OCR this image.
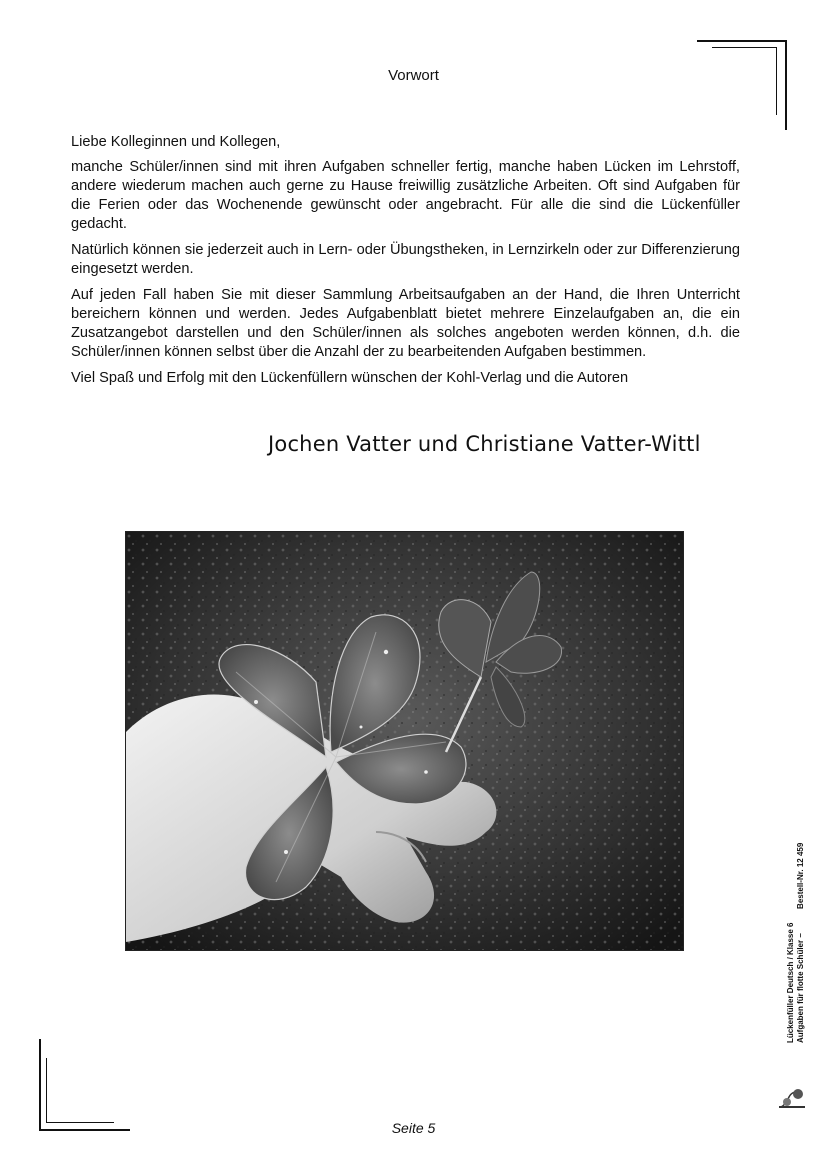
Vorwort

Liebe Kolleginnen und Kollegen,

manche Schüler/innen sind mit ihren Aufgaben schneller fertig, manche haben Lücken im Lehrstoff, andere wiederum machen auch gerne zu Hause freiwillig zusätzliche Arbeiten. Oft sind Aufgaben für die Ferien oder das Wochenende gewünscht oder angebracht. Für alle die sind die Lückenfüller gedacht.

Natürlich können sie jederzeit auch in Lern- oder Übungstheken, in Lernzirkeln oder zur Differenzierung eingesetzt werden.

Auf jeden Fall haben Sie mit dieser Sammlung Arbeitsaufgaben an der Hand, die Ihren Unterricht bereichern können und werden. Jedes Aufgabenblatt bietet mehrere Einzelaufgaben an, die ein Zusatzangebot darstellen und den Schüler/innen als solches angeboten werden können, d.h. die Schüler/innen können selbst über die Anzahl der zu bearbeitenden Aufgaben bestimmen.

Viel Spaß und Erfolg mit den Lückenfüllern wünschen der Kohl-Verlag und die Autoren

Jochen Vatter und Christiane Vatter-Wittl
Lückenfüller Deutsch / Klasse 6 Aufgaben für flotte Schüler – Bestell-Nr. 12 459
Seite 5
